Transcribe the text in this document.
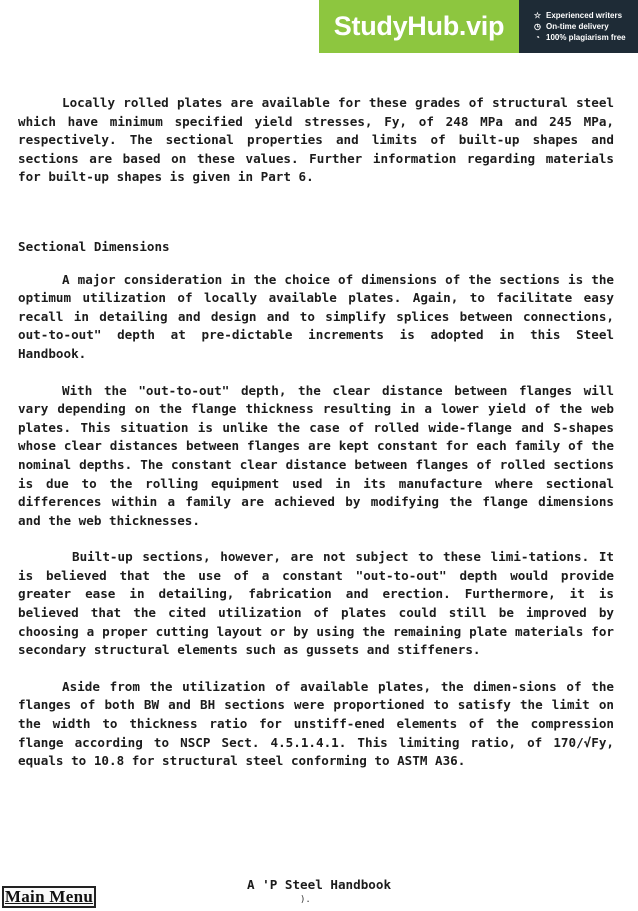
StudyHub.vip	☆ Experienced writers
◷ On-time delivery
◔ 100% plagiarism free

Locally rolled plates are available for these grades of structural steel which have minimum specified yield stresses, Fy, of 248 MPa and 245 MPa, respectively. The sectional properties and limits of built-up shapes and sections are based on these values. Further information regarding materials for built-up shapes is given in Part 6.

Sectional Dimensions

A major consideration in the choice of dimensions of the sections is the optimum utilization of locally available plates. Again, to facilitate easy recall in detailing and design and to simplify splices between connections, out-to-out" depth at pre-dictable increments is adopted in this Steel Handbook.

With the "out-to-out" depth, the clear distance between flanges will vary depending on the flange thickness resulting in a lower yield of the web plates. This situation is unlike the case of rolled wide-flange and S-shapes whose clear distances between flanges are kept constant for each family of the nominal depths. The constant clear distance between flanges of rolled sections is due to the rolling equipment used in its manufacture where sectional differences within a family are achieved by modifying the flange dimensions and the web thicknesses.

Built-up sections, however, are not subject to these limi-tations. It is believed that the use of a constant "out-to-out" depth would provide greater ease in detailing, fabrication and erection. Furthermore, it is believed that the cited utilization of plates could still be improved by choosing a proper cutting layout or by using the remaining plate materials for secondary structural elements such as gussets and stiffeners.

Aside from the utilization of available plates, the dimen-sions of the flanges of both BW and BH sections were proportioned to satisfy the limit on the width to thickness ratio for unstiff-ened elements of the compression flange according to NSCP Sect. 4.5.1.4.1. This limiting ratio, of 170/√Fy, equals to 10.8 for structural steel conforming to ASTM A36.

A 'P Steel Handbook
).
Main Menu
